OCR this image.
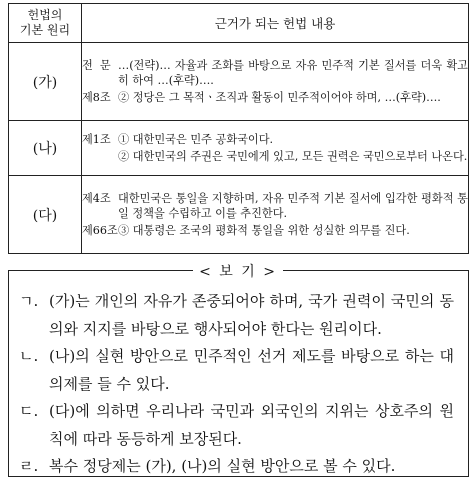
헌법의
기본 원리	근거가 되는 헌법 내용
(가)	전  문 …(전략)… 자율과 조화를 바탕으로 자유 민주적 기본 질서를 더욱 확고히 하여 …(후략)….
제8조 ② 정당은 그 목적ㆍ조직과 활동이 민주적이어야 하며, …(후략)….

(나)	제1조 ① 대한민국은 민주 공화국이다.
② 대한민국의 주권은 국민에게 있고, 모든 권력은 국민으로부터 나온다.

(다)	제4조 대한민국은 통일을 지향하며, 자유 민주적 기본 질서에 입각한 평화적 통일 정책을 수립하고 이를 추진한다.
제66조 ③ 대통령은 조국의 평화적 통일을 위한 성실한 의무를 진다.
ㄱ. (가)는 개인의 자유가 존중되어야 하며, 국가 권력이 국민의 동의와 지지를 바탕으로 행사되어야 한다는 원리이다.
ㄴ. (나)의 실현 방안으로 민주적인 선거 제도를 바탕으로 하는 대의제를 들 수 있다.
ㄷ. (다)에 의하면 우리나라 국민과 외국인의 지위는 상호주의 원칙에 따라 동등하게 보장된다.
ㄹ. 복수 정당제는 (가), (나)의 실현 방안으로 볼 수 있다.
< 보 기 >
